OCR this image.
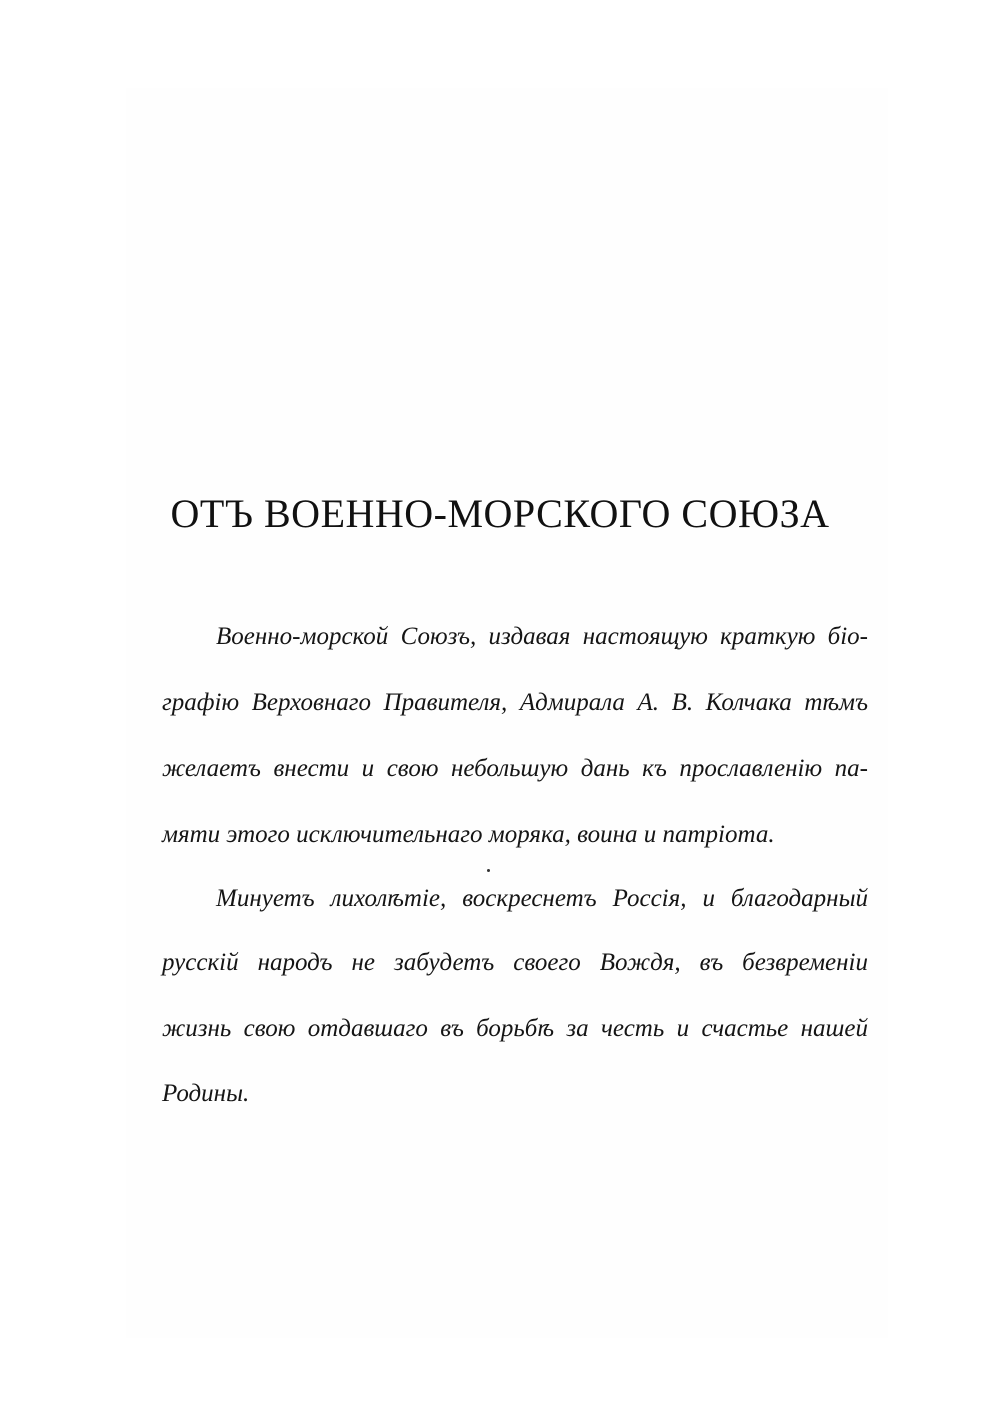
ОТЪ ВОЕННО-МОРСКОГО СОЮЗА

Военно-морской Союзъ, издавая настоящую краткую біо-

графію Верховнаго Правителя, Адмирала А. В. Колчака тѣмъ

желаетъ внести и свою небольшую дань къ прославленію па-

мяти этого исключительнаго моряка, воина и патріота.

Минуетъ лихолѣтіе, воскреснетъ Россія, и благодарный

русскій народъ не забудетъ своего Вождя, въ безвременіи

жизнь свою отдавшаго въ борьбѣ за честь и счастье нашей

Родины.
